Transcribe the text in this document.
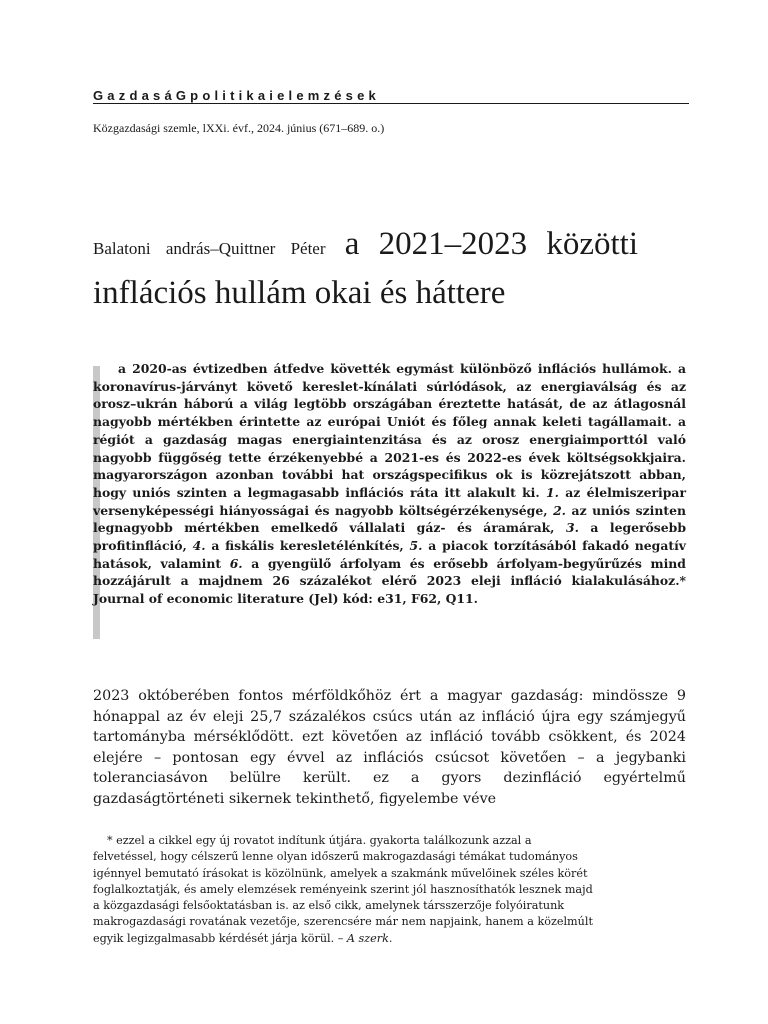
GazdasáGpolitikaielemzések
Közgazdasági szemle, lXXi. évf., 2024. június (671–689. o.)
Balatoni andrás–Quittner Péter a 2021–2023 közötti inflációs hullám okai és háttere

a 2020-as évtizedben átfedve követték egymást különböző inflációs hullámok. a koronavírus-járványt követő kereslet-kínálati súrlódások, az energiaválság és az orosz–ukrán háború a világ legtöbb országában éreztette hatását, de az átlagosnál nagyobb mértékben érintette az európai Uniót és főleg annak keleti tagállamait. a régiót a gazdaság magas energiaintenzitása és az orosz energiaimporttól való nagyobb függőség tette érzékenyebbé a 2021-es és 2022-es évek költségsokkjaira. magyarországon azonban további hat országspecifikus ok is közrejátszott abban, hogy uniós szinten a legmagasabb inflációs ráta itt alakult ki. 1. az élelmiszeripar versenyképességi hiányosságai és nagyobb költségérzékenysége, 2. az uniós szinten legnagyobb mértékben emelkedő vállalati gáz- és áramárak, 3. a legerősebb profitinfláció, 4. a fiskális keresletélénkítés, 5. a piacok torzításából fakadó negatív hatások, valamint 6. a gyengülő árfolyam és erősebb árfolyam-begyűrűzés mind hozzájárult a majdnem 26 százalékot elérő 2023 eleji infláció kialakulásához.* Journal of economic literature (Jel) kód: e31, F62, Q11.

2023 októberében fontos mérföldkőhöz ért a magyar gazdaság: mindössze 9 hónappal az év eleji 25,7 százalékos csúcs után az infláció újra egy számjegyű tartományba mérséklődött. ezt követően az infláció tovább csökkent, és 2024 elejére – pontosan egy évvel az inflációs csúcsot követően – a jegybanki toleranciasávon belülre került. ez a gyors dezinfláció egyértelmű gazdaságtörténeti sikernek tekinthető, figyelembe véve

* ezzel a cikkel egy új rovatot indítunk útjára. gyakorta találkozunk azzal a felvetéssel, hogy célszerű lenne olyan időszerű makrogazdasági témákat tudományos igénnyel bemutató írásokat is közölnünk, amelyek a szakmánk művelőinek széles körét foglalkoztatják, és amely elemzések reményeink szerint jól hasznosíthatók lesznek majd a közgazdasági felsőoktatásban is. az első cikk, amelynek társszerzője folyóiratunk makrogazdasági rovatának vezetője, szerencsére már nem napjaink, hanem a közelmúlt egyik legizgalmasabb kérdését járja körül. – A szerk.
